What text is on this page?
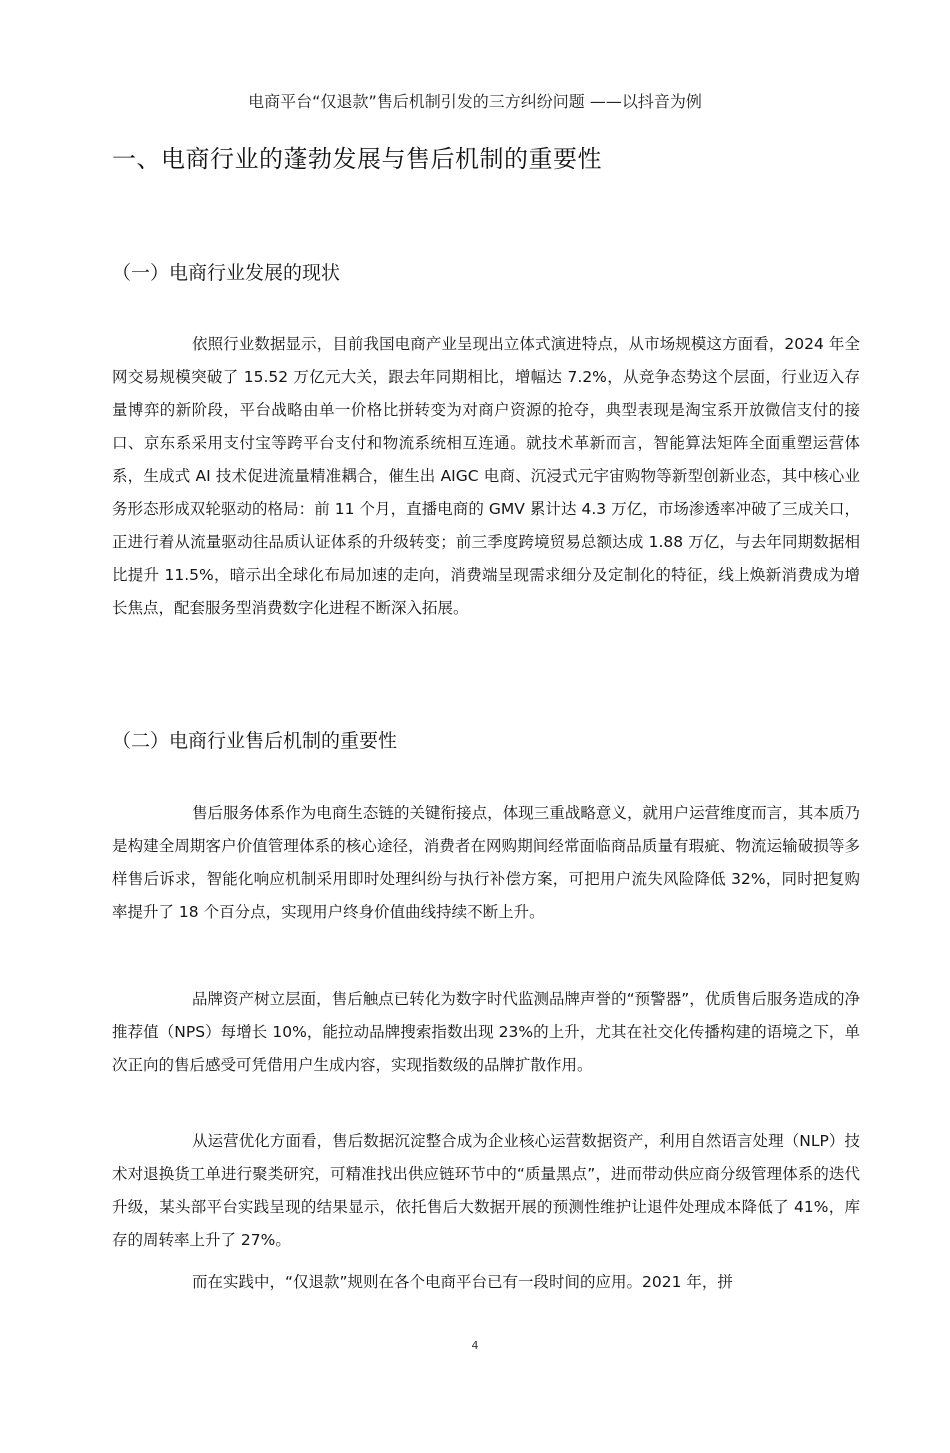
电商平台“仅退款”售后机制引发的三方纠纷问题 ——以抖音为例
一、电商行业的蓬勃发展与售后机制的重要性
（一）电商行业发展的现状

依照行业数据显示，目前我国电商产业呈现出立体式演进特点，从市场规模这方面看，2024 年全网交易规模突破了 15.52 万亿元大关，跟去年同期相比，增幅达 7.2%，从竞争态势这个层面，行业迈入存量博弈的新阶段，平台战略由单一价格比拼转变为对商户资源的抢夺，典型表现是淘宝系开放微信支付的接口、京东系采用支付宝等跨平台支付和物流系统相互连通。就技术革新而言，智能算法矩阵全面重塑运营体系，生成式 AI 技术促进流量精准耦合，催生出 AIGC 电商、沉浸式元宇宙购物等新型创新业态，其中核心业务形态形成双轮驱动的格局：前 11 个月，直播电商的 GMV 累计达 4.3 万亿，市场渗透率冲破了三成关口，正进行着从流量驱动往品质认证体系的升级转变；前三季度跨境贸易总额达成 1.88 万亿，与去年同期数据相比提升 11.5%，暗示出全球化布局加速的走向，消费端呈现需求细分及定制化的特征，线上焕新消费成为增长焦点，配套服务型消费数字化进程不断深入拓展。

（二）电商行业售后机制的重要性

售后服务体系作为电商生态链的关键衔接点，体现三重战略意义，就用户运营维度而言，其本质乃是构建全周期客户价值管理体系的核心途径，消费者在网购期间经常面临商品质量有瑕疵、物流运输破损等多样售后诉求，智能化响应机制采用即时处理纠纷与执行补偿方案，可把用户流失风险降低 32%，同时把复购率提升了 18 个百分点，实现用户终身价值曲线持续不断上升。

品牌资产树立层面，售后触点已转化为数字时代监测品牌声誉的“预警器”，优质售后服务造成的净推荐值（NPS）每增长 10%，能拉动品牌搜索指数出现 23%的上升，尤其在社交化传播构建的语境之下，单次正向的售后感受可凭借用户生成内容，实现指数级的品牌扩散作用。

从运营优化方面看，售后数据沉淀整合成为企业核心运营数据资产，利用自然语言处理（NLP）技术对退换货工单进行聚类研究，可精准找出供应链环节中的“质量黑点”，进而带动供应商分级管理体系的迭代升级，某头部平台实践呈现的结果显示，依托售后大数据开展的预测性维护让退件处理成本降低了 41%，库存的周转率上升了 27%。

而在实践中，“仅退款”规则在各个电商平台已有一段时间的应用。2021 年，拼

4
